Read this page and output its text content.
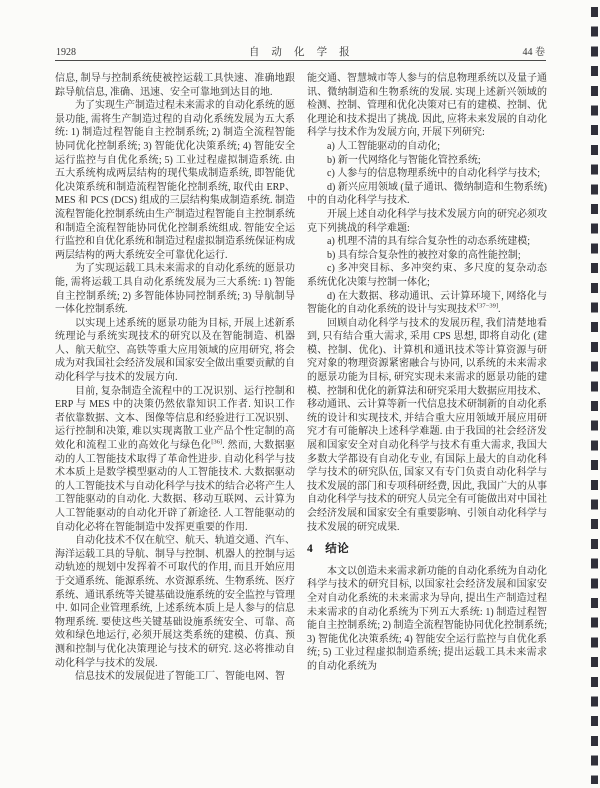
1928	自动化学报	44 卷

信息, 制导与控制系统使被控运载工具快速、准确地跟踪导航信息, 准确、迅速、安全可靠地到达目的地.

为了实现生产制造过程未来需求的自动化系统的愿景功能, 需将生产制造过程的自动化系统发展为五大系统: 1) 制造过程智能自主控制系统; 2) 制造全流程智能协同优化控制系统; 3) 智能优化决策系统; 4) 智能安全运行监控与自优化系统; 5) 工业过程虚拟制造系统. 由五大系统构成两层结构的现代集成制造系统, 即智能优化决策系统和制造流程智能化控制系统, 取代由 ERP、MES 和 PCS (DCS) 组成的三层结构集成制造系统. 制造流程智能化控制系统由生产制造过程智能自主控制系统和制造全流程智能协同优化控制系统组成. 智能安全运行监控和自优化系统和制造过程虚拟制造系统保证构成两层结构的两大系统安全可靠优化运行.

为了实现运载工具未来需求的自动化系统的愿景功能, 需将运载工具自动化系统发展为三大系统: 1) 智能自主控制系统; 2) 多智能体协同控制系统; 3) 导航制导一体化控制系统.

以实现上述系统的愿景功能为目标, 开展上述新系统理论与系统实现技术的研究以及在智能制造、机器人、航天航空、高铁等重大应用领域的应用研究, 将会成为对我国社会经济发展和国家安全做出重要贡献的自动化科学与技术的发展方向.

目前, 复杂制造全流程中的工况识别、运行控制和 ERP 与 MES 中的决策仍然依靠知识工作者. 知识工作者依靠数据、文本、图像等信息和经验进行工况识别、运行控制和决策, 难以实现离散工业产品个性定制的高效化和流程工业的高效化与绿色化[36]. 然而, 大数据驱动的人工智能技术取得了革命性进步. 自动化科学与技术本质上是数学模型驱动的人工智能技术. 大数据驱动的人工智能技术与自动化科学与技术的结合必将产生人工智能驱动的自动化. 大数据、移动互联网、云计算为人工智能驱动的自动化开辟了新途径. 人工智能驱动的自动化必将在智能制造中发挥更重要的作用.

自动化技术不仅在航空、航天、轨道交通、汽车、海洋运载工具的导航、制导与控制、机器人的控制与运动轨迹的规划中发挥着不可取代的作用, 而且开始应用于交通系统、能源系统、水资源系统、生物系统、医疗系统、通讯系统等关键基础设施系统的安全监控与管理中. 如同企业管理系统, 上述系统本质上是人参与的信息物理系统. 要使这些关键基础设施系统安全、可靠、高效和绿色地运行, 必须开展这类系统的建模、仿真、预测和控制与优化决策理论与技术的研究. 这必将推动自动化科学与技术的发展.

信息技术的发展促进了智能工厂、智能电网、智

能交通、智慧城市等人参与的信息物理系统以及量子通讯、微纳制造和生物系统的发展. 实现上述新兴领域的检测、控制、管理和优化决策对已有的建模、控制、优化理论和技术提出了挑战. 因此, 应将未来发展的自动化科学与技术作为发展方向, 开展下列研究:

a) 人工智能驱动的自动化;

b) 新一代网络化与智能化管控系统;

c) 人参与的信息物理系统中的自动化科学与技术;

d) 新兴应用领域 (量子通讯、微纳制造和生物系统) 中的自动化科学与技术.

开展上述自动化科学与技术发展方向的研究必须攻克下列挑战的科学难题:

a) 机理不清的具有综合复杂性的动态系统建模;

b) 具有综合复杂性的被控对象的高性能控制;

c) 多冲突目标、多冲突约束、多尺度的复杂动态系统优化决策与控制一体化;

d) 在大数据、移动通讯、云计算环境下, 网络化与智能化的自动化系统的设计与实现技术[37−39].

回顾自动化科学与技术的发展历程, 我们清楚地看到, 只有结合重大需求, 采用 CPS 思想, 即将自动化 (建模、控制、优化)、计算机和通讯技术等计算资源与研究对象的物理资源紧密融合与协同, 以系统的未来需求的愿景功能为目标, 研究实现未来需求的愿景功能的建模、控制和优化的新算法和研究采用大数据应用技术、移动通讯、云计算等新一代信息技术研制新的自动化系统的设计和实现技术, 并结合重大应用领域开展应用研究才有可能解决上述科学难题. 由于我国的社会经济发展和国家安全对自动化科学与技术有重大需求, 我国大多数大学都设有自动化专业, 有国际上最大的自动化科学与技术的研究队伍, 国家又有专门负责自动化科学与技术发展的部门和专项科研经费, 因此, 我国广大的从事自动化科学与技术的研究人员完全有可能做出对中国社会经济发展和国家安全有重要影响、引领自动化科学与技术发展的研究成果.

4 结论

本文以创造未来需求新功能的自动化系统为自动化科学与技术的研究目标, 以国家社会经济发展和国家安全对自动化系统的未来需求为导向, 提出生产制造过程未来需求的自动化系统为下列五大系统: 1) 制造过程智能自主控制系统; 2) 制造全流程智能协同优化控制系统; 3) 智能优化决策系统; 4) 智能安全运行监控与自优化系统; 5) 工业过程虚拟制造系统; 提出运载工具未来需求的自动化系统为
